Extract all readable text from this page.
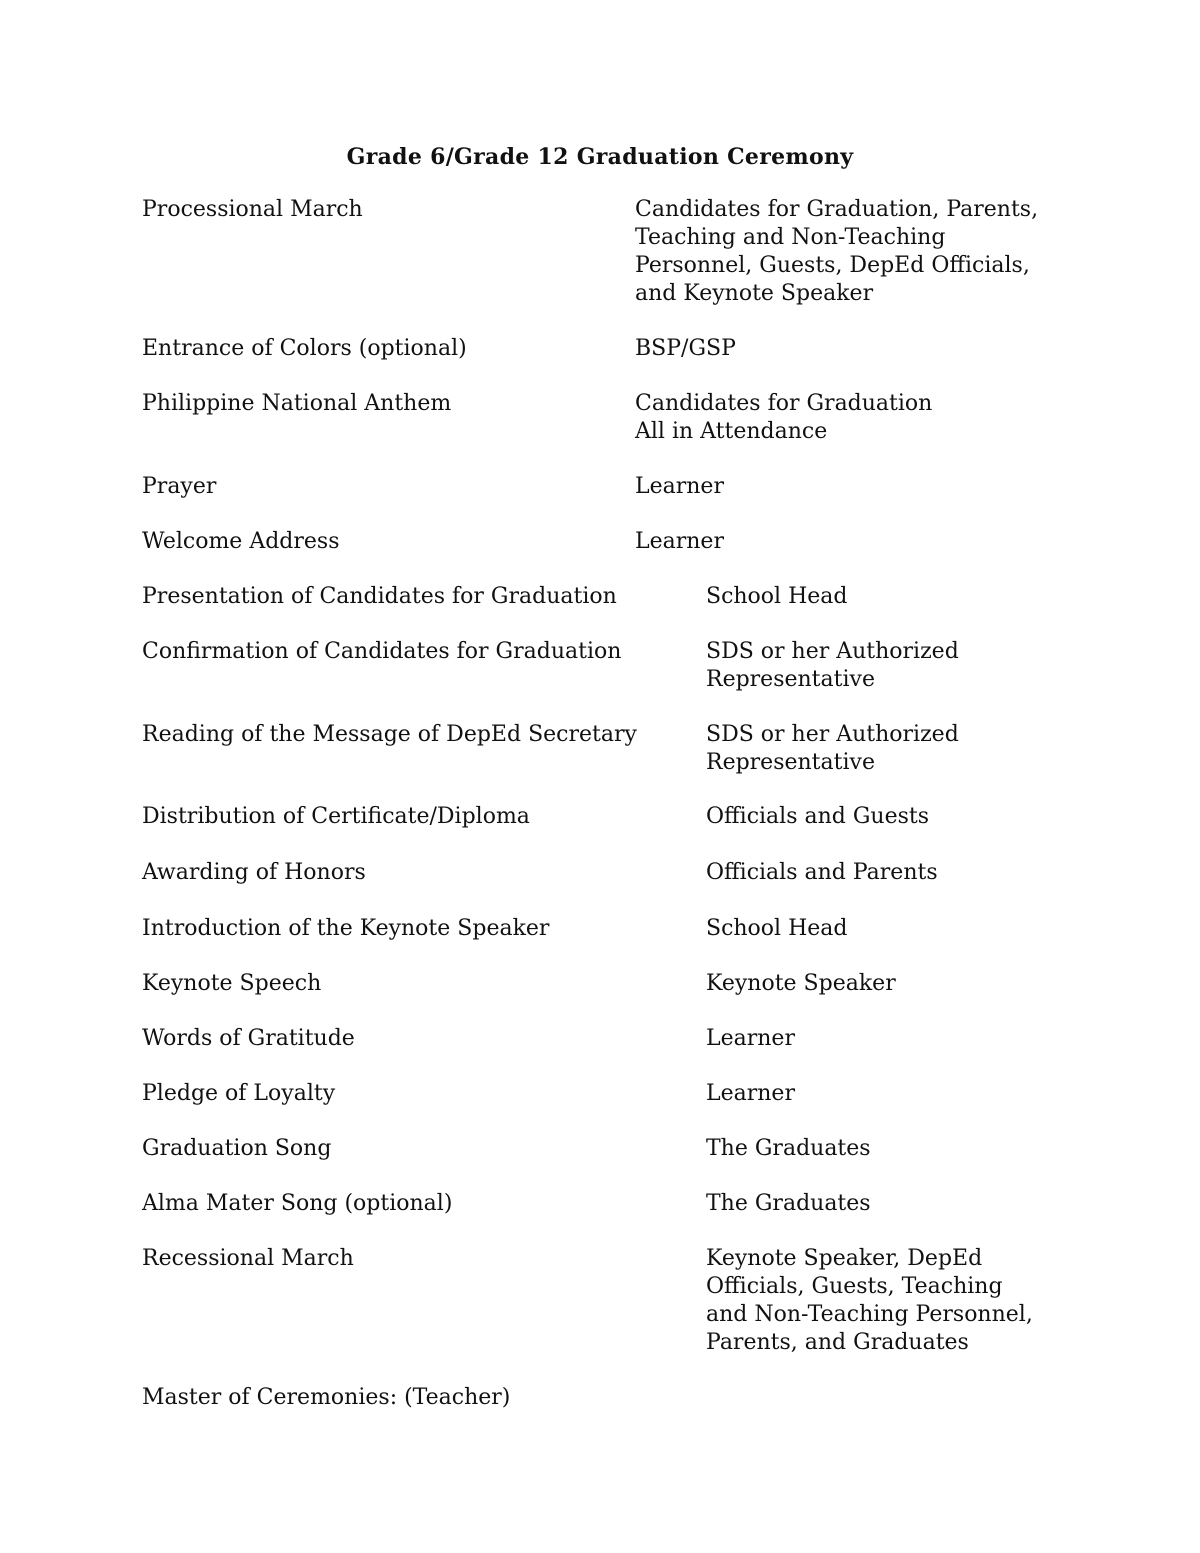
Grade 6/Grade 12 Graduation Ceremony
Processional March	Candidates for Graduation, Parents,
Teaching and Non-Teaching
Personnel, Guests, DepEd Officials,
and Keynote Speaker
Entrance of Colors (optional)	BSP/GSP
Philippine National Anthem	Candidates for Graduation
All in Attendance
Prayer	Learner
Welcome Address	Learner
Presentation of Candidates for Graduation	School Head
Confirmation of Candidates for Graduation	SDS or her Authorized
Representative
Reading of the Message of DepEd Secretary	SDS or her Authorized
Representative
Distribution of Certificate/Diploma	Officials and Guests
Awarding of Honors	Officials and Parents
Introduction of the Keynote Speaker	School Head
Keynote Speech	Keynote Speaker
Words of Gratitude	Learner
Pledge of Loyalty	Learner
Graduation Song	The Graduates
Alma Mater Song (optional)	The Graduates
Recessional March	Keynote Speaker, DepEd
Officials, Guests, Teaching
and Non-Teaching Personnel,
Parents, and Graduates
Master of Ceremonies: (Teacher)
